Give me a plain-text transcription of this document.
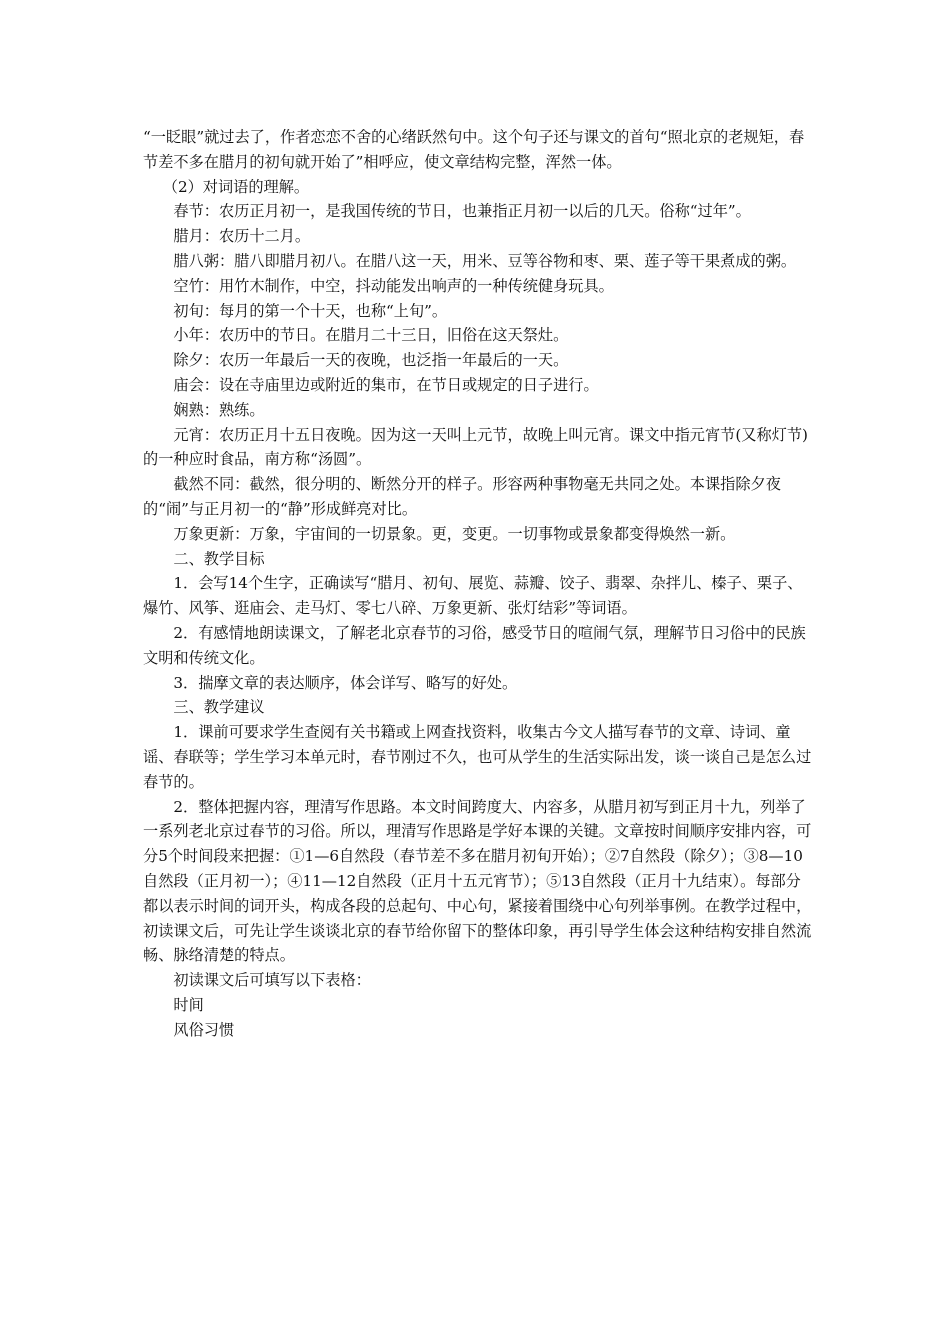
“一眨眼”就过去了，作者恋恋不舍的心绪跃然句中。这个句子还与课文的首句“照北京的老规矩，春节差不多在腊月的初旬就开始了”相呼应，使文章结构完整，浑然一体。

（2）对词语的理解。

春节：农历正月初一，是我国传统的节日，也兼指正月初一以后的几天。俗称“过年”。

腊月：农历十二月。

腊八粥：腊八即腊月初八。在腊八这一天，用米、豆等谷物和枣、栗、莲子等干果煮成的粥。

空竹：用竹木制作，中空，抖动能发出响声的一种传统健身玩具。

初旬：每月的第一个十天，也称“上旬”。

小年：农历中的节日。在腊月二十三日，旧俗在这天祭灶。

除夕：农历一年最后一天的夜晚，也泛指一年最后的一天。

庙会：设在寺庙里边或附近的集市，在节日或规定的日子进行。

娴熟：熟练。

元宵：农历正月十五日夜晚。因为这一天叫上元节，故晚上叫元宵。课文中指元宵节(又称灯节)的一种应时食品，南方称“汤圆”。

截然不同：截然，很分明的、断然分开的样子。形容两种事物毫无共同之处。本课指除夕夜的“闹”与正月初一的“静”形成鲜亮对比。

万象更新：万象，宇宙间的一切景象。更，变更。一切事物或景象都变得焕然一新。

二、教学目标

1．会写14个生字，正确读写“腊月、初旬、展览、蒜瓣、饺子、翡翠、杂拌儿、榛子、栗子、爆竹、风筝、逛庙会、走马灯、零七八碎、万象更新、张灯结彩”等词语。

2．有感情地朗读课文，了解老北京春节的习俗，感受节日的喧闹气氛，理解节日习俗中的民族文明和传统文化。

3．揣摩文章的表达顺序，体会详写、略写的好处。

三、教学建议

1．课前可要求学生查阅有关书籍或上网查找资料，收集古今文人描写春节的文章、诗词、童谣、春联等；学生学习本单元时，春节刚过不久，也可从学生的生活实际出发，谈一谈自己是怎么过春节的。

2．整体把握内容，理清写作思路。本文时间跨度大、内容多，从腊月初写到正月十九，列举了一系列老北京过春节的习俗。所以，理清写作思路是学好本课的关键。文章按时间顺序安排内容，可分5个时间段来把握：①1—6自然段（春节差不多在腊月初旬开始）；②7自然段（除夕）；③8—10自然段（正月初一）；④11—12自然段（正月十五元宵节）；⑤13自然段（正月十九结束）。每部分都以表示时间的词开头，构成各段的总起句、中心句，紧接着围绕中心句列举事例。在教学过程中，初读课文后，可先让学生谈谈北京的春节给你留下的整体印象，再引导学生体会这种结构安排自然流畅、脉络清楚的特点。

初读课文后可填写以下表格：

时间

风俗习惯
